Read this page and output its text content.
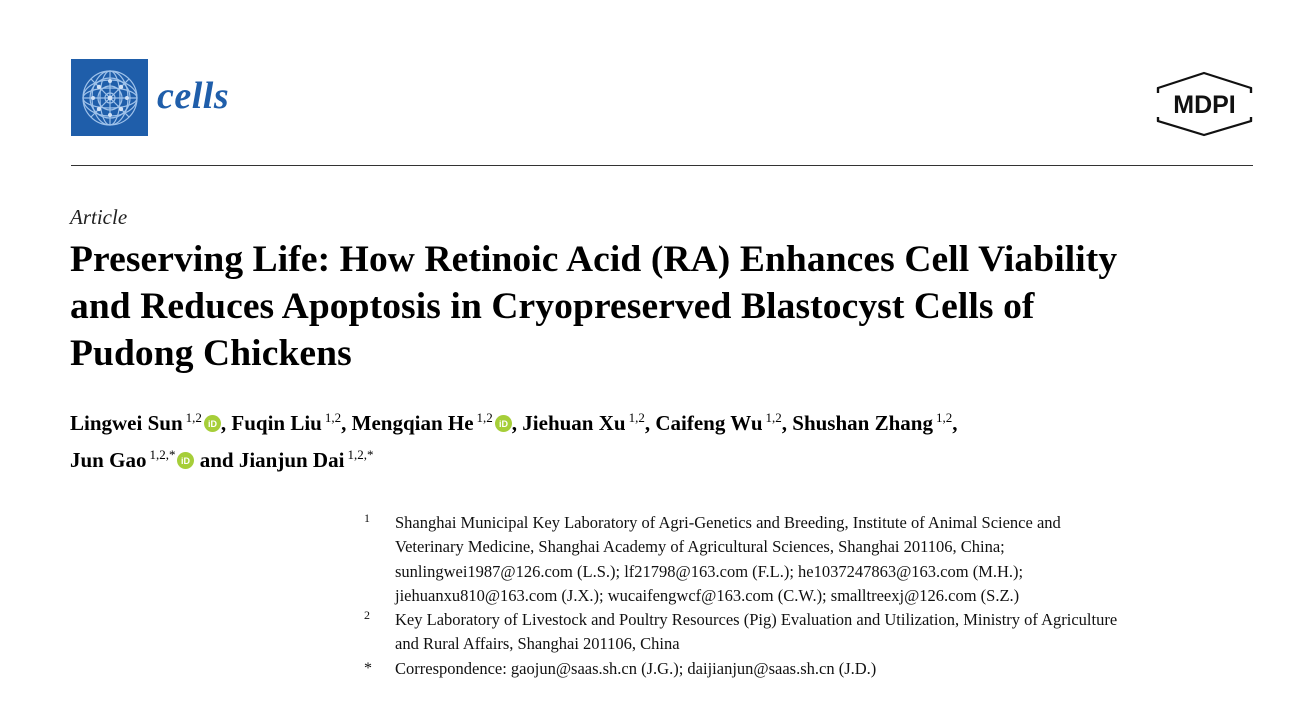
cells	MDPI
Article
Preserving Life: How Retinoic Acid (RA) Enhances Cell Viability
and Reduces Apoptosis in Cryopreserved Blastocyst Cells of
Pudong Chickens
Lingwei Sun $^{1,2}$ iD , Fuqin Liu $^{1,2}$, Mengqian He $^{1,2}$ iD , Jiehuan Xu $^{1,2}$, Caifeng Wu $^{1,2}$, Shushan Zhang $^{1,2}$,
Jun Gao $^{1,2,*}$ iD and Jianjun Dai $^{1,2,*}$
1 Shanghai Municipal Key Laboratory of Agri-Genetics and Breeding, Institute of Animal Science and
Veterinary Medicine, Shanghai Academy of Agricultural Sciences, Shanghai 201106, China;
sunlingwei1987@126.com (L.S.); lf21798@163.com (F.L.); he1037247863@163.com (M.H.);
jiehuanxu810@163.com (J.X.); wucaifengwcf@163.com (C.W.); smalltreexj@126.com (S.Z.)
2 Key Laboratory of Livestock and Poultry Resources (Pig) Evaluation and Utilization, Ministry of Agriculture
and Rural Affairs, Shanghai 201106, China
* Correspondence: gaojun@saas.sh.cn (J.G.); daijianjun@saas.sh.cn (J.D.)
